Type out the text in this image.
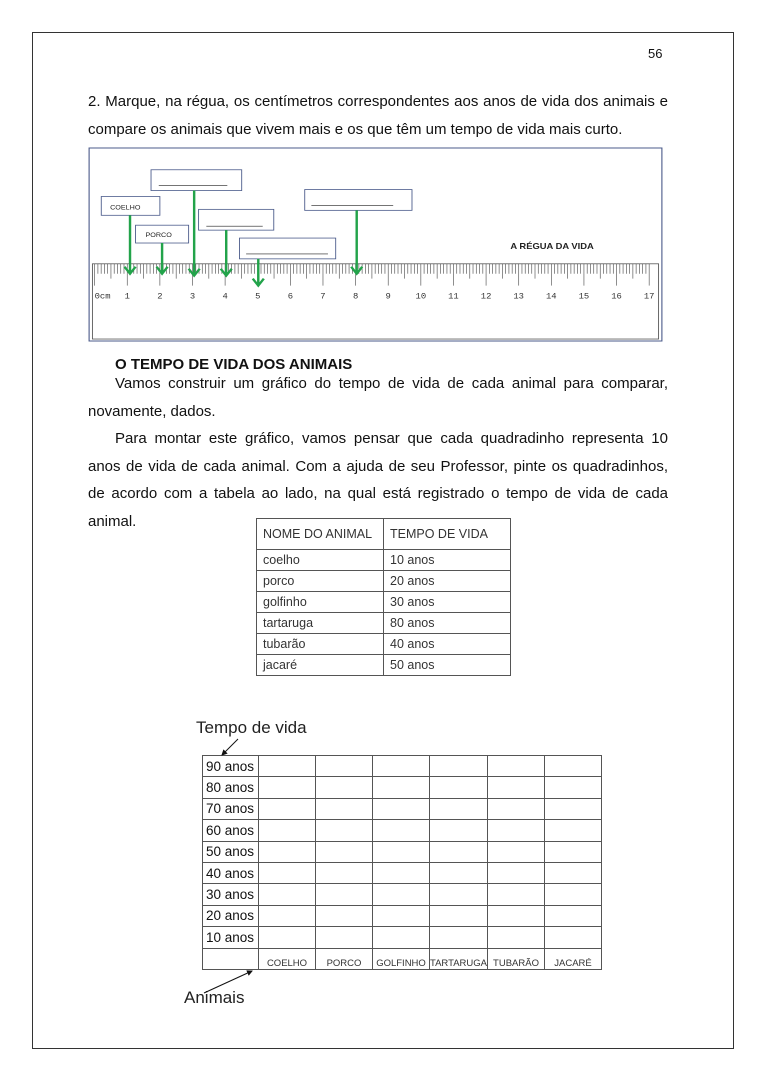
56

2. Marque, na régua, os centímetros correspondentes aos anos de vida dos animais e compare os animais que vivem mais e os que têm um tempo de vida mais curto.

0cm 1	2	3	4	5	6	7	8	9	10	11	12	13	14	15	16	17
A RÉGUA DA VIDA
COELHO
PORCO
O TEMPO DE VIDA DOS ANIMAIS

Vamos construir um gráfico do tempo de vida de cada animal para comparar, novamente, dados.

Para montar este gráfico, vamos pensar que cada quadradinho representa 10 anos de vida de cada animal. Com a ajuda de seu Professor, pinte os quadradinhos, de acordo com a tabela ao lado, na qual está registrado o tempo de vida de cada animal.

NOME DO ANIMAL	TEMPO DE VIDA
coelho	10 anos
porco	20 anos
golfinho	30 anos
tartaruga	80 anos
tubarão	40 anos
jacaré	50 anos
Tempo de vida
Animais
90 anos						
80 anos						
70 anos						
60 anos						
50 anos						
40 anos						
30 anos						
20 anos						
10 anos						
	COELHO	PORCO	GOLFINHO	TARTARUGA	TUBARÃO	JACARÉ
